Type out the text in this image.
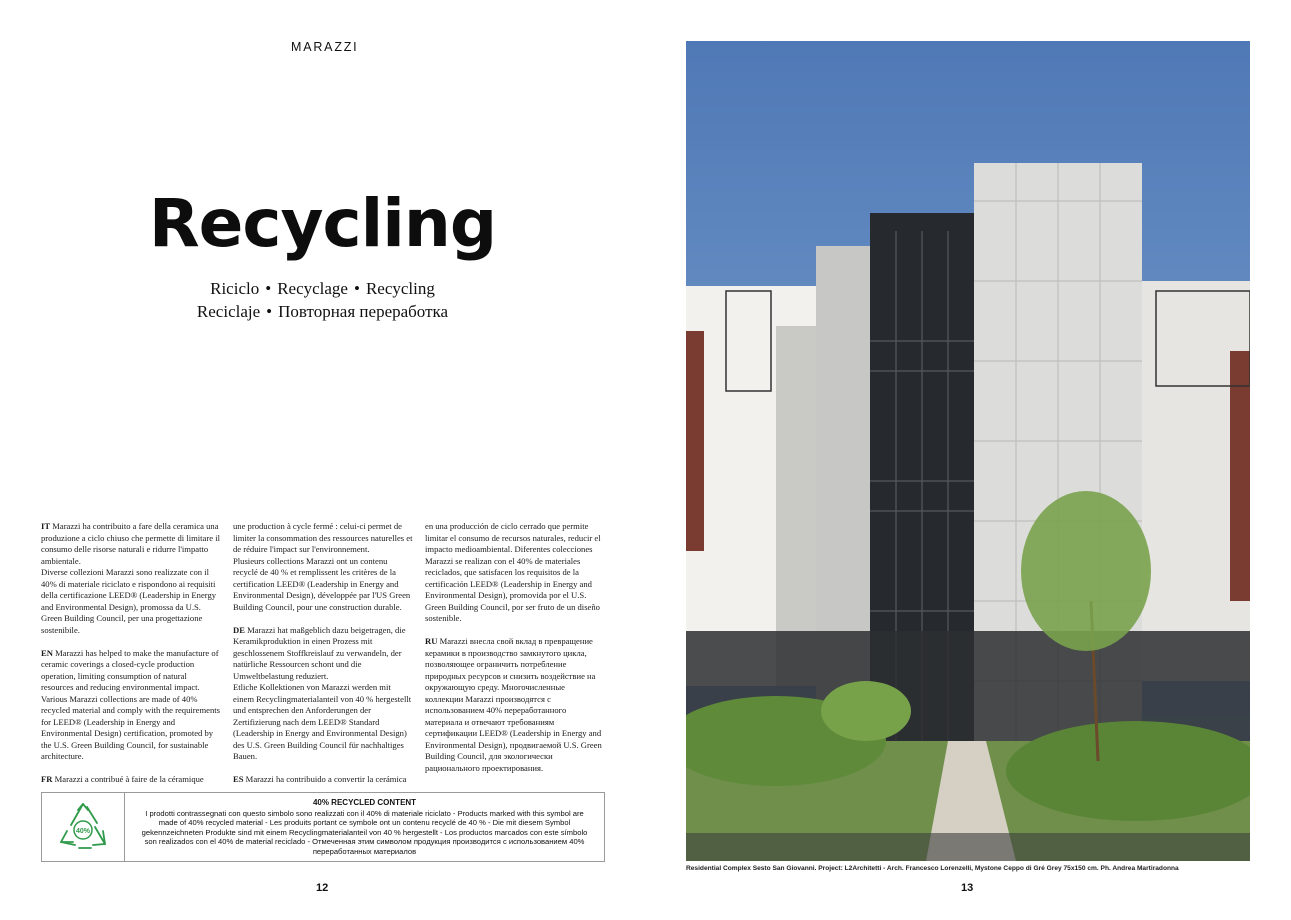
MARAZZI
Recycling
Riciclo • Recyclage • Recycling
Reciclaje • Повторная переработка

IT Marazzi ha contribuito a fare della ceramica una produzione a ciclo chiuso che permette di limitare il consumo delle risorse naturali e ridurre l'impatto ambientale.
Diverse collezioni Marazzi sono realizzate con il 40% di materiale riciclato e rispondono ai requisiti della certificazione LEED® (Leadership in Energy and Environmental Design), promossa da U.S. Green Building Council, per una progettazione sostenibile.

EN Marazzi has helped to make the manufacture of ceramic coverings a closed-cycle production operation, limiting consumption of natural resources and reducing environmental impact. Various Marazzi collections are made of 40% recycled material and comply with the requirements for LEED® (Leadership in Energy and Environmental Design) certification, promoted by the U.S. Green Building Council, for sustainable architecture.

FR Marazzi a contribué à faire de la céramique

une production à cycle fermé : celui-ci permet de limiter la consommation des ressources naturelles et de réduire l'impact sur l'environnement.
Plusieurs collections Marazzi ont un contenu recyclé de 40 % et remplissent les critères de la certification LEED® (Leadership in Energy and Environmental Design), développée par l'US Green Building Council, pour une construction durable.

DE Marazzi hat maßgeblich dazu beigetragen, die Keramikproduktion in einen Prozess mit geschlossenem Stoffkreislauf zu verwandeln, der natürliche Ressourcen schont und die Umweltbelastung reduziert.
Etliche Kollektionen von Marazzi werden mit einem Recyclingmaterialanteil von 40 % hergestellt und entsprechen den Anforderungen der Zertifizierung nach dem LEED® Standard (Leadership in Energy and Environmental Design) des U.S. Green Building Council für nachhaltiges Bauen.

ES Marazzi ha contribuido a convertir la cerámica

en una producción de ciclo cerrado que permite limitar el consumo de recursos naturales, reducir el impacto medioambiental. Diferentes colecciones Marazzi se realizan con el 40% de materiales reciclados, que satisfacen los requisitos de la certificación LEED® (Leadership in Energy and Environmental Design), promovida por el U.S. Green Building Council, por ser fruto de un diseño sostenible.

RU Marazzi внесла свой вклад в превращение керамики в производство замкнутого цикла, позволяющее ограничить потребление природных ресурсов и снизить воздействие на окружающую среду. Многочисленные коллекции Marazzi производятся с использованием 40% переработанного материала и отвечают требованиям сертификации LEED® (Leadership in Energy and Environmental Design), продвигаемой U.S. Green Building Council, для экологически рационального проектирования.

40%
40% RECYCLED CONTENT
I prodotti contrassegnati con questo simbolo sono realizzati con il 40% di materiale riciclato - Products marked with this symbol are made of 40% recycled material - Les produits portant ce symbole ont un contenu recyclé de 40 % - Die mit diesem Symbol gekennzeichneten Produkte sind mit einem Recyclingmaterialanteil von 40 % hergestellt - Los productos marcados con este símbolo son realizados con el 40% de material reciclado - Отмеченная этим символом продукция производится с использованием 40% переработанных материалов
12	13
Residential Complex Sesto San Giovanni. Project: L2Architetti - Arch. Francesco Lorenzelli, Mystone Ceppo di Gré Grey 75x150 cm. Ph. Andrea Martiradonna
